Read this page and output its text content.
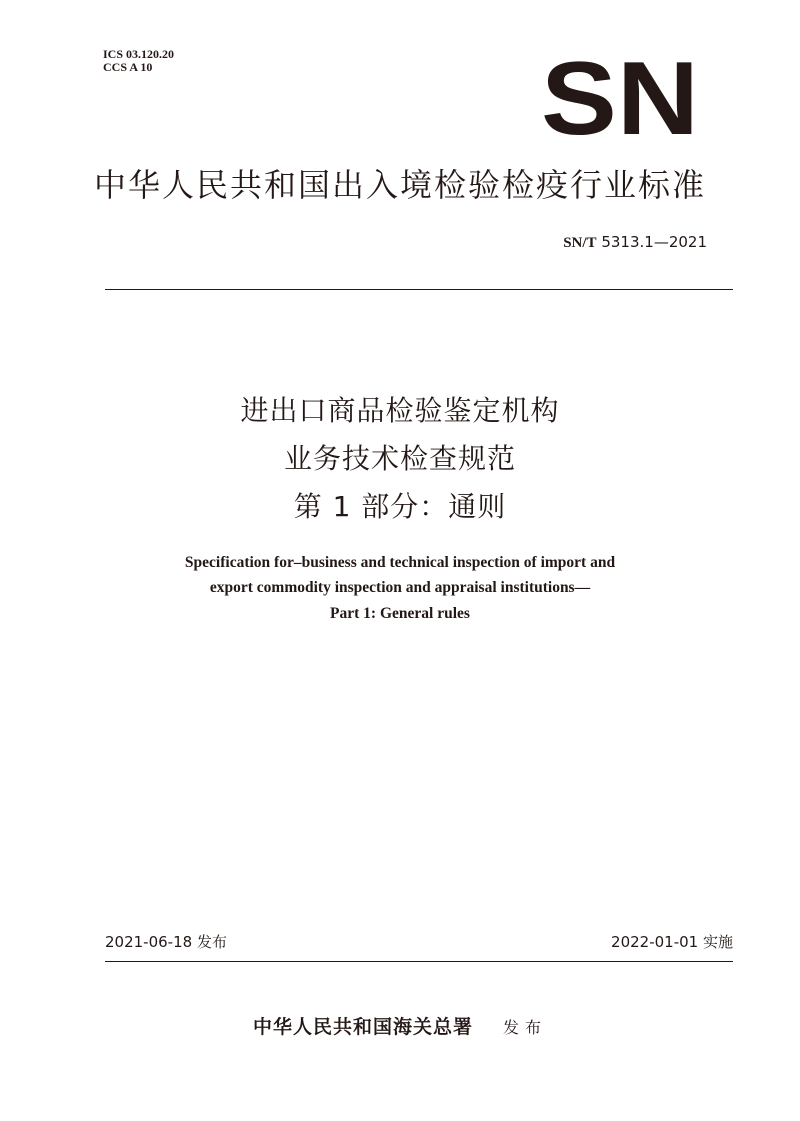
ICS 03.120.20
CCS A 10	SN
中华人民共和国出入境检验检疫行业标准
SN/T 5313.1—2021
进出口商品检验鉴定机构
业务技术检查规范
第 1 部分：通则
Specification for–business and technical inspection of import and
export commodity inspection and appraisal institutions—
Part 1: General rules
2021-06-18 发布	2022-01-01 实施
中华人民共和国海关总署 发布
